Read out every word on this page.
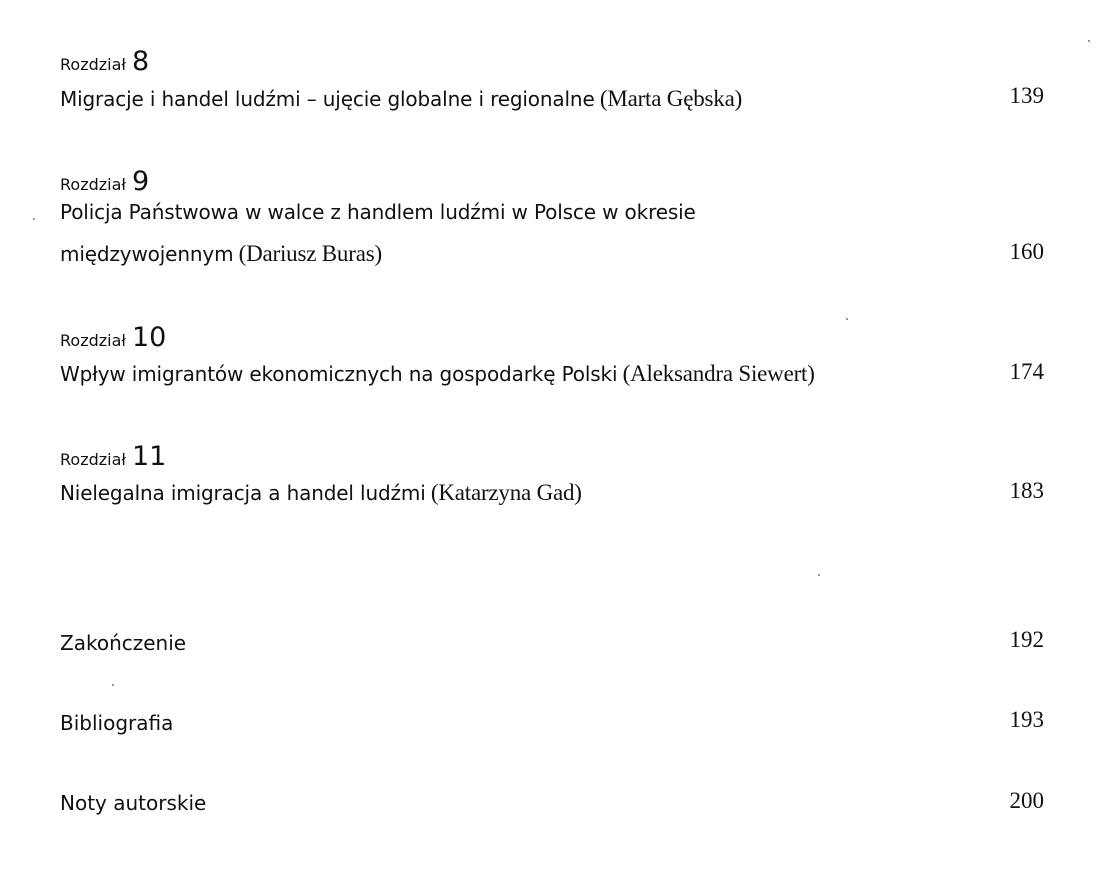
Rozdział 8
Migracje i handel ludźmi – ujęcie globalne i regionalne (Marta Gębska)	139
Rozdział 9
Policja Państwowa w walce z handlem ludźmi w Polsce w okresie
międzywojennym (Dariusz Buras)	160
Rozdział 10
Wpływ imigrantów ekonomicznych na gospodarkę Polski (Aleksandra Siewert)	174
Rozdział 11
Nielegalna imigracja a handel ludźmi (Katarzyna Gad)	183
Zakończenie	192
Bibliografia	193
Noty autorskie	200
